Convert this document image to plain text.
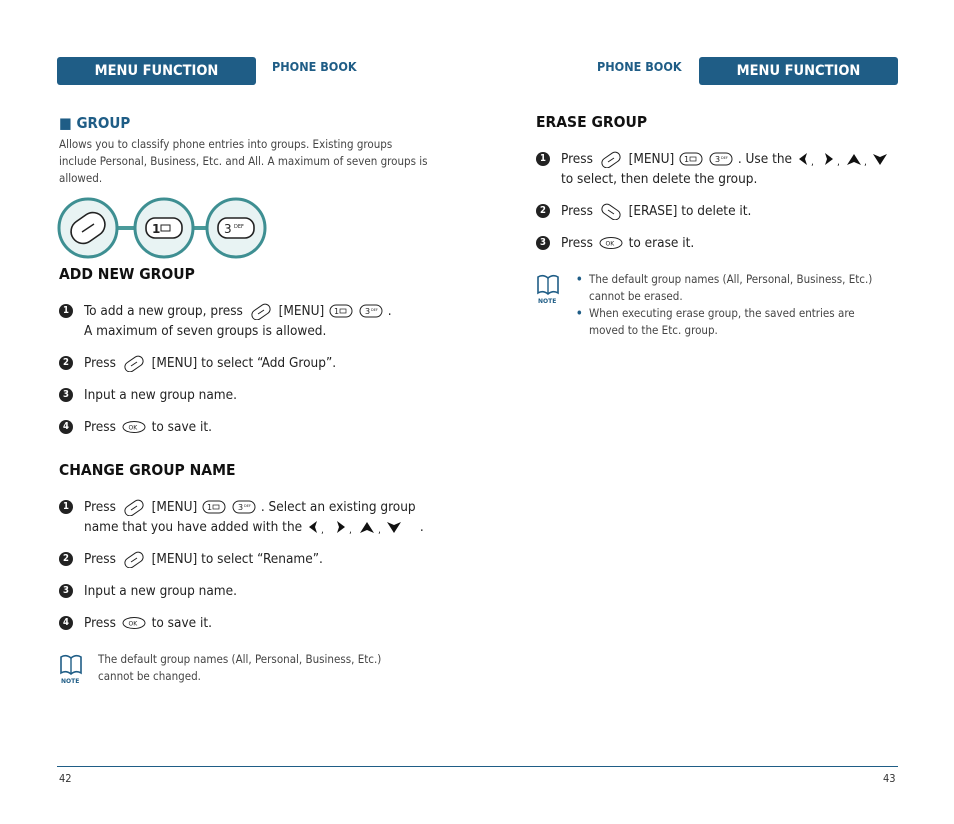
MENU FUNCTION	PHONE BOOK
■ GROUP
Allows you to classify phone entries into groups. Existing groups
include Personal, Business, Etc. and All. A maximum of seven groups is
allowed.
1	3 DEF
ADD NEW GROUP
1 To add a new group, press	[MENU] 1
	3 DEF .
A maximum of seven groups is allowed.
2 Press	[MENU] to select “Add Group”.
3 Input a new group name.
4 Press OK to save it.
CHANGE GROUP NAME
1 Press	[MENU] 1
	3 DEF . Select an existing group
name that you have added with the ,	,	,	.
2 Press	[MENU] to select “Rename”.
3 Input a new group name.
4 Press OK to save it.
NOTE
The default group names (All, Personal, Business, Etc.)
cannot be changed.
PHONE BOOK	MENU FUNCTION
ERASE GROUP
1 Press	[MENU] 1
	3 DEF . Use the , , ,

to select, then delete the group.
2 Press	[ERASE] to delete it.
3 Press OK to erase it.
NOTE
• The default group names (All, Personal, Business, Etc.)
cannot be erased.
• When executing erase group, the saved entries are
moved to the Etc. group.
42	43
